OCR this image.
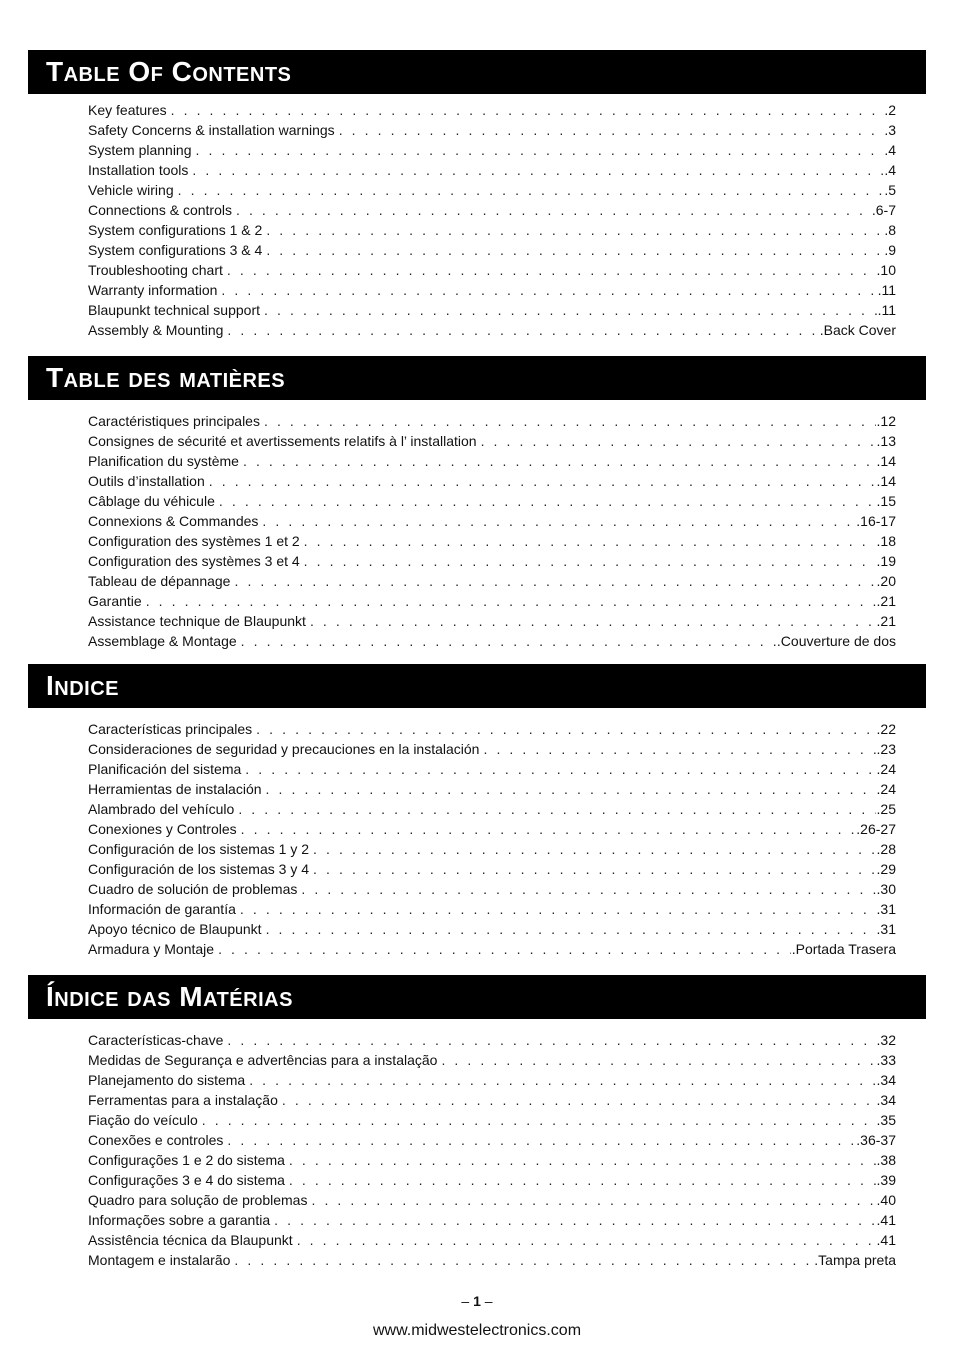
Table Of Contents
Key features . . .	.2
Safety Concerns & installation warnings . . .	.3
System planning . . .	.4
Installation tools . . .	.4
Vehicle wiring . . .	.5
Connections & controls . . .	.6-7
System configurations 1 & 2 . . .	.8
System configurations 3 & 4 . . .	.9
Troubleshooting chart . . .	.10
Warranty information . . .	.11
Blaupunkt technical support . . .	.11
Assembly & Mounting . . .	.Back Cover
Table des matières
Caractéristiques principales . . .	.12
Consignes de sécurité et avertissements relatifs à l’ installation . . .	.13
Planification du système . . .	.14
Outils d’installation . . .	.14
Câblage du véhicule . . .	.15
Connexions & Commandes . . .	.16-17
Configuration des systèmes 1 et 2 . . .	.18
Configuration des systèmes 3 et 4 . . .	.19
Tableau de dépannage . . .	.20
Garantie . . .	.21
Assistance technique de Blaupunkt . . .	.21
Assemblage & Montage . . .	.Couverture de dos
Indice
Características principales . . .	.22
Consideraciones de seguridad y precauciones en la instalación . . .	.23
Planificación del sistema . . .	.24
Herramientas de instalación . . .	.24
Alambrado del vehículo . . .	.25
Conexiones y Controles . . .	.26-27
Configuración de los sistemas 1 y 2 . . .	.28
Configuración de los sistemas 3 y 4 . . .	.29
Cuadro de solución de problemas . . .	.30
Información de garantía . . .	.31
Apoyo técnico de Blaupunkt . . .	.31
Armadura y Montaje . . .	.Portada Trasera
Índice das Matérias
Características-chave . . .	.32
Medidas de Segurança e advertências para a instalação . . .	.33
Planejamento do sistema . . .	.34
Ferramentas para a instalação . . .	.34
Fiação do veículo . . .	.35
Conexões e controles . . .	.36-37
Configurações 1 e 2 do sistema . . .	.38
Configurações 3 e 4 do sistema . . .	.39
Quadro para solução de problemas . . .	.40
Informações sobre a garantia . . .	.41
Assistência técnica da Blaupunkt . . .	.41
Montagem e instalarão . . .	.Tampa preta
– 1 –
www.midwestelectronics.com
